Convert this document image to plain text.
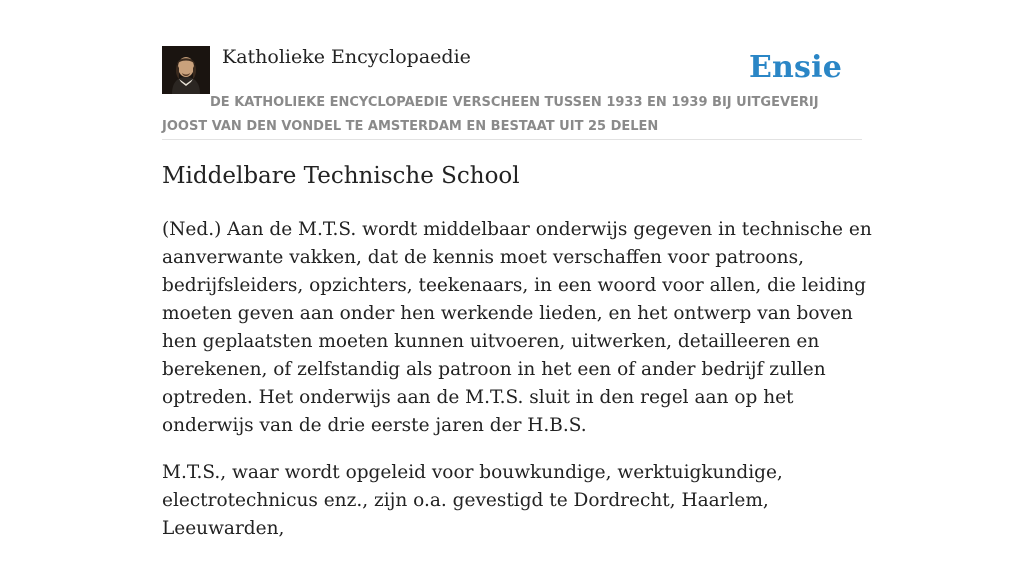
Katholieke Encyclopaedie	Ensie
DE KATHOLIEKE ENCYCLOPAEDIE VERSCHEEN TUSSEN 1933 EN 1939 BIJ UITGEVERIJ JOOST VAN DEN VONDEL TE AMSTERDAM EN BESTAAT UIT 25 DELEN
Middelbare Technische School

(Ned.) Aan de M.T.S. wordt middelbaar onderwijs gegeven in technische en aanverwante vakken, dat de kennis moet verschaffen voor patroons, bedrijfsleiders, opzichters, teekenaars, in een woord voor allen, die leiding moeten geven aan onder hen werkende lieden, en het ontwerp van boven hen geplaatsten moeten kunnen uitvoeren, uitwerken, detailleeren en berekenen, of zelfstandig als patroon in het een of ander bedrijf zullen optreden. Het onderwijs aan de M.T.S. sluit in den regel aan op het onderwijs van de drie eerste jaren der H.B.S.

M.T.S., waar wordt opgeleid voor bouwkundige, werktuigkundige, electrotechnicus enz., zijn o.a. gevestigd te Dordrecht, Haarlem, Leeuwarden,
